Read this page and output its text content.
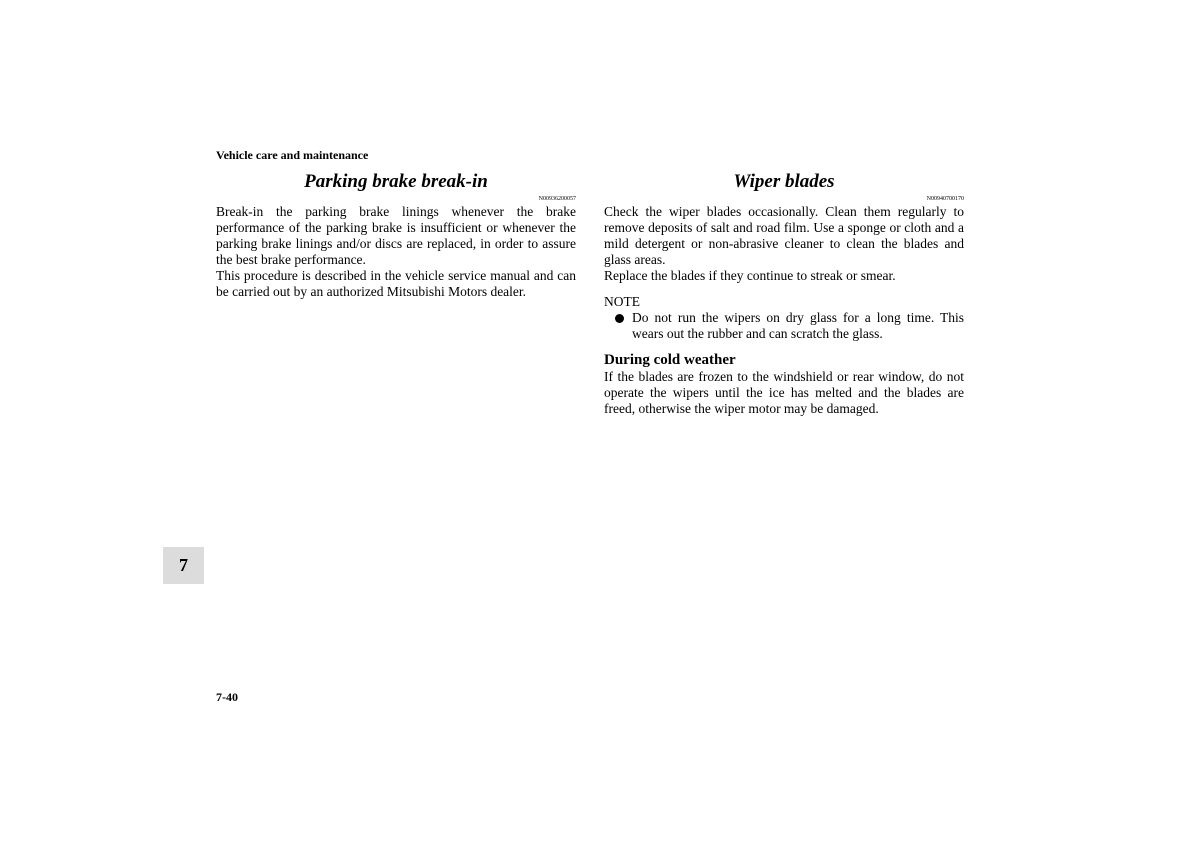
Vehicle care and maintenance
Parking brake break-in
N00936200057

Break-in the parking brake linings whenever the brake performance of the parking brake is insufficient or whenever the parking brake linings and/or discs are replaced, in order to assure the best brake performance.

This procedure is described in the vehicle service manual and can be carried out by an authorized Mitsubishi Motors dealer.

Wiper blades
N00940700170

Check the wiper blades occasionally. Clean them regularly to remove deposits of salt and road film. Use a sponge or cloth and a mild detergent or non-abrasive cleaner to clean the blades and glass areas.

Replace the blades if they continue to streak or smear.

NOTE
Do not run the wipers on dry glass for a long time. This wears out the rubber and can scratch the glass.
During cold weather

If the blades are frozen to the windshield or rear window, do not operate the wipers until the ice has melted and the blades are freed, otherwise the wiper motor may be damaged.

7
7-40
